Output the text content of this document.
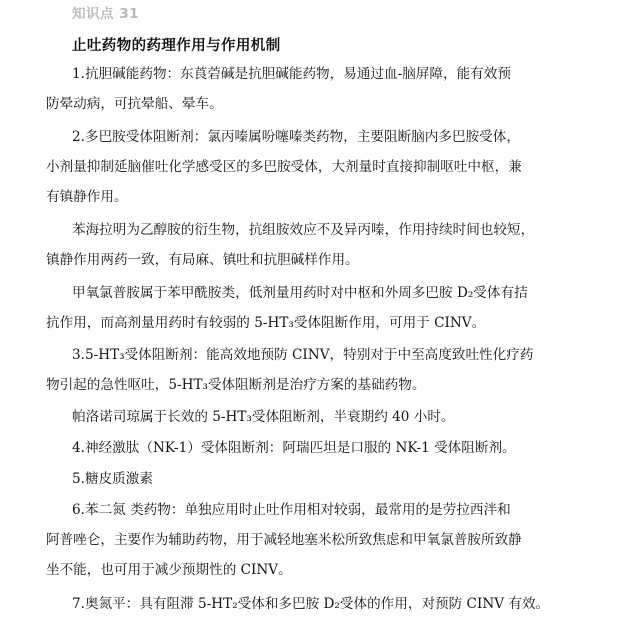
知识点 31
止吐药物的药理作用与作用机制
1.抗胆碱能药物：东莨菪碱是抗胆碱能药物，易通过血-脑屏障，能有效预
防晕动病，可抗晕船、晕车。
2.多巴胺受体阻断剂：氯丙嗪属吩噻嗪类药物，主要阻断脑内多巴胺受体，
小剂量抑制延脑催吐化学感受区的多巴胺受体，大剂量时直接抑制呕吐中枢，兼
有镇静作用。
苯海拉明为乙醇胺的衍生物，抗组胺效应不及异丙嗪，作用持续时间也较短，
镇静作用两药一致，有局麻、镇吐和抗胆碱样作用。
甲氧氯普胺属于苯甲酰胺类，低剂量用药时对中枢和外周多巴胺 D₂受体有拮
抗作用，而高剂量用药时有较弱的 5-HT₃受体阻断作用，可用于 CINV。
3.5-HT₃受体阻断剂：能高效地预防 CINV，特别对于中至高度致吐性化疗药
物引起的急性呕吐，5-HT₃受体阻断剂是治疗方案的基础药物。
帕洛诺司琼属于长效的 5-HT₃受体阻断剂，半衰期约 40 小时。
4.神经激肽（NK-1）受体阻断剂：阿瑞匹坦是口服的 NK-1 受体阻断剂。
5.糖皮质激素
6.苯二氮 类药物：单独应用时止吐作用相对较弱，最常用的是劳拉西泮和
阿普唑仑，主要作为辅助药物，用于减轻地塞米松所致焦虑和甲氧氯普胺所致静
坐不能，也可用于减少预期性的 CINV。
7.奥氮平：具有阻滞 5-HT₂受体和多巴胺 D₂受体的作用，对预防 CINV 有效。
